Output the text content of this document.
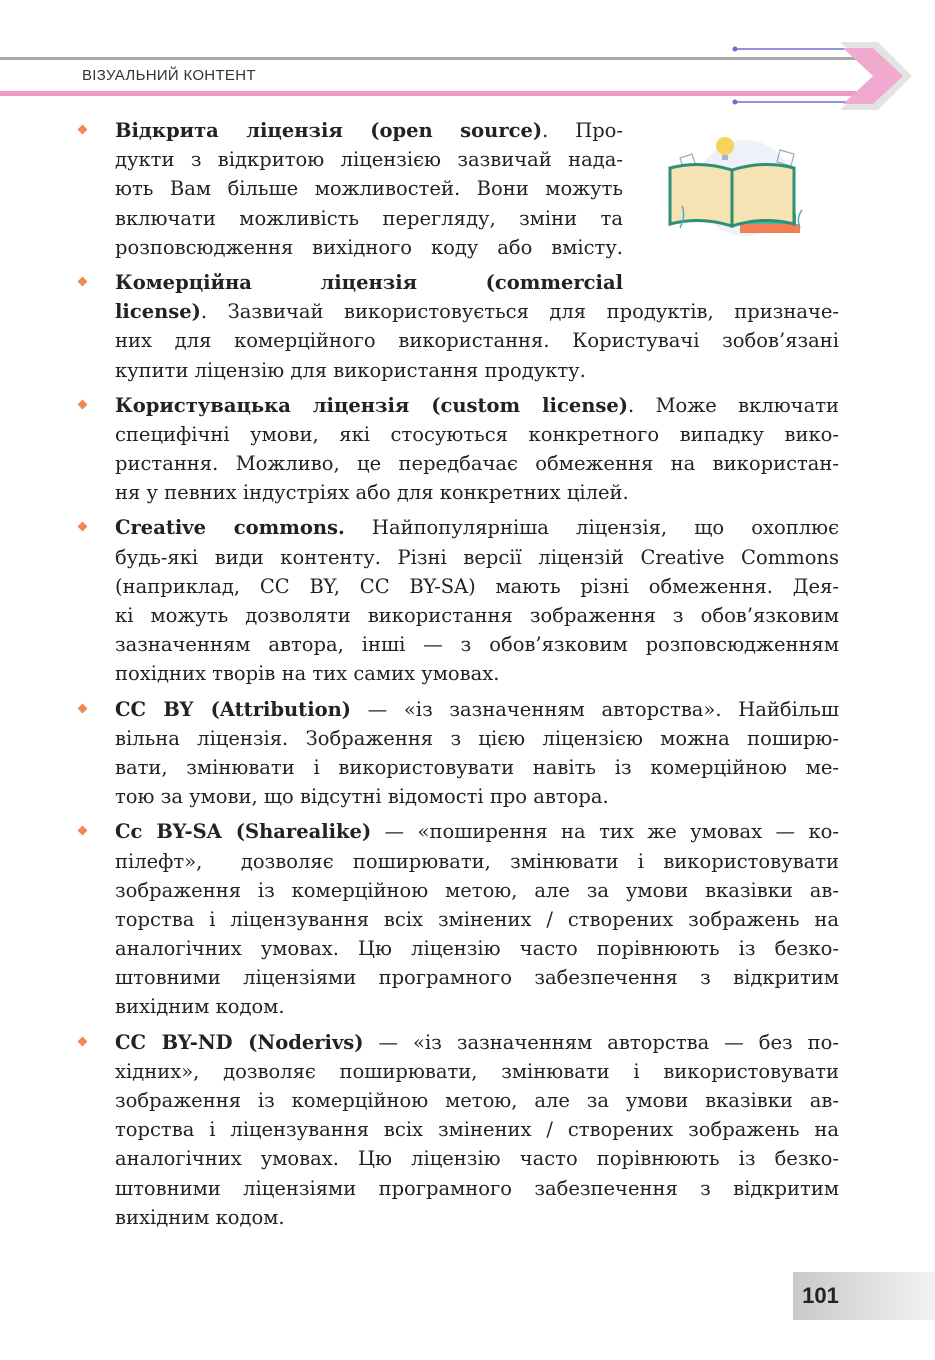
ВІЗУАЛЬНИЙ КОНТЕНТ
Відкрита ліцензія (open source). Про-
дукти з відкритою ліцензією зазвичай нада-
ють Вам більше можливостей. Вони можуть
включати можливість перегляду, зміни та
розповсюдження вихідного коду або вмісту.
Комерційна ліцензія (commercial
license). Зазвичай використовується для продуктів, призначе-
них для комерційного використання. Користувачі зобов’язані
купити ліцензію для використання продукту.
Користувацька ліцензія (custom license). Може включати
специфічні умови, які стосуються конкретного випадку вико-
ристання. Можливо, це передбачає обмеження на використан-
ня у певних індустріях або для конкретних цілей.
Creative commons. Найпопулярніша ліцензія, що охоплює
будь-які види контенту. Різні версії ліцензій Creative Commons
(наприклад, CC BY, CC BY-SA) мають різні обмеження. Дея-
кі можуть дозволяти використання зображення з обов’язковим
зазначенням автора, інші — з обов’язковим розповсюдженням
похідних творів на тих самих умовах.
CC BY (Attribution) — «із зазначенням авторства». Найбільш
вільна ліцензія. Зображення з цією ліцензією можна поширю-
вати, змінювати і використовувати навіть із комерційною ме-
тою за умови, що відсутні відомості про автора.
Cc BY-SA (Sharealike) — «поширення на тих же умовах — ко-
пілефт»,  дозволяє поширювати, змінювати і використовувати
зображення із комерційною метою, але за умови вказівки ав-
торства і ліцензування всіх змінених / створених зображень на
аналогічних умовах. Цю ліцензію часто порівнюють із безко-
штовними ліцензіями програмного забезпечення з відкритим
вихідним кодом.
CC BY-ND (Noderivs) — «із зазначенням авторства — без по-
хідних», дозволяє поширювати, змінювати і використовувати
зображення із комерційною метою, але за умови вказівки ав-
торства і ліцензування всіх змінених / створених зображень на
аналогічних умовах. Цю ліцензію часто порівнюють із безко-
штовними ліцензіями програмного забезпечення з відкритим
вихідним кодом.
101
